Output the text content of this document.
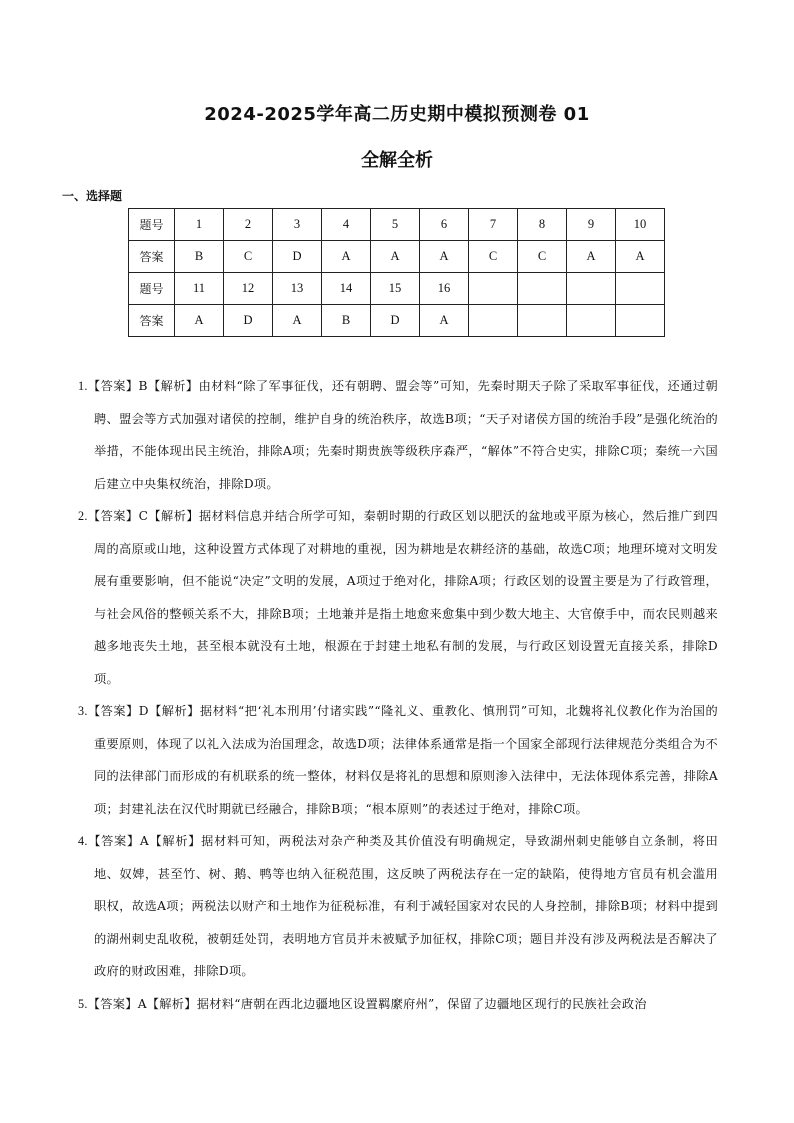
2024-2025学年高二历史期中模拟预测卷 01
全解全析
一、选择题
题号	1	2	3	4	5	6	7	8	9	10
答案	B	C	D	A	A	A	C	C	A	A
题号	11	12	13	14	15	16				
答案	A	D	A	B	D	A				
1.【答案】B【解析】由材料“除了军事征伐，还有朝聘、盟会等”可知，先秦时期天子除了采取军事征伐，还通过朝聘、盟会等方式加强对诸侯的控制，维护自身的统治秩序，故选B项；“天子对诸侯方国的统治手段”是强化统治的举措，不能体现出民主统治，排除A项；先秦时期贵族等级秩序森严，“解体”不符合史实，排除C项；秦统一六国后建立中央集权统治，排除D项。
2.【答案】C【解析】据材料信息并结合所学可知，秦朝时期的行政区划以肥沃的盆地或平原为核心，然后推广到四周的高原或山地，这种设置方式体现了对耕地的重视，因为耕地是农耕经济的基础，故选C项；地理环境对文明发展有重要影响，但不能说“决定”文明的发展，A项过于绝对化，排除A项；行政区划的设置主要是为了行政管理，与社会风俗的整顿关系不大，排除B项；土地兼并是指土地愈来愈集中到少数大地主、大官僚手中，而农民则越来越多地丧失土地，甚至根本就没有土地，根源在于封建土地私有制的发展，与行政区划设置无直接关系，排除D项。
3.【答案】D【解析】据材料“把‘礼本刑用’付诸实践”“隆礼义、重教化、慎刑罚”可知，北魏将礼仪教化作为治国的重要原则，体现了以礼入法成为治国理念，故选D项；法律体系通常是指一个国家全部现行法律规范分类组合为不同的法律部门而形成的有机联系的统一整体，材料仅是将礼的思想和原则渗入法律中，无法体现体系完善，排除A项；封建礼法在汉代时期就已经融合，排除B项；“根本原则”的表述过于绝对，排除C项。
4.【答案】A【解析】据材料可知，两税法对杂产种类及其价值没有明确规定，导致湖州刺史能够自立条制，将田地、奴婢，甚至竹、树、鹅、鸭等也纳入征税范围，这反映了两税法存在一定的缺陷，使得地方官员有机会滥用职权，故选A项；两税法以财产和土地作为征税标准，有利于减轻国家对农民的人身控制，排除B项；材料中提到的湖州刺史乱收税，被朝廷处罚，表明地方官员并未被赋予加征权，排除C项；题目并没有涉及两税法是否解决了政府的财政困难，排除D项。
5.【答案】A【解析】据材料“唐朝在西北边疆地区设置羁縻府州”，保留了边疆地区现行的民族社会政治
